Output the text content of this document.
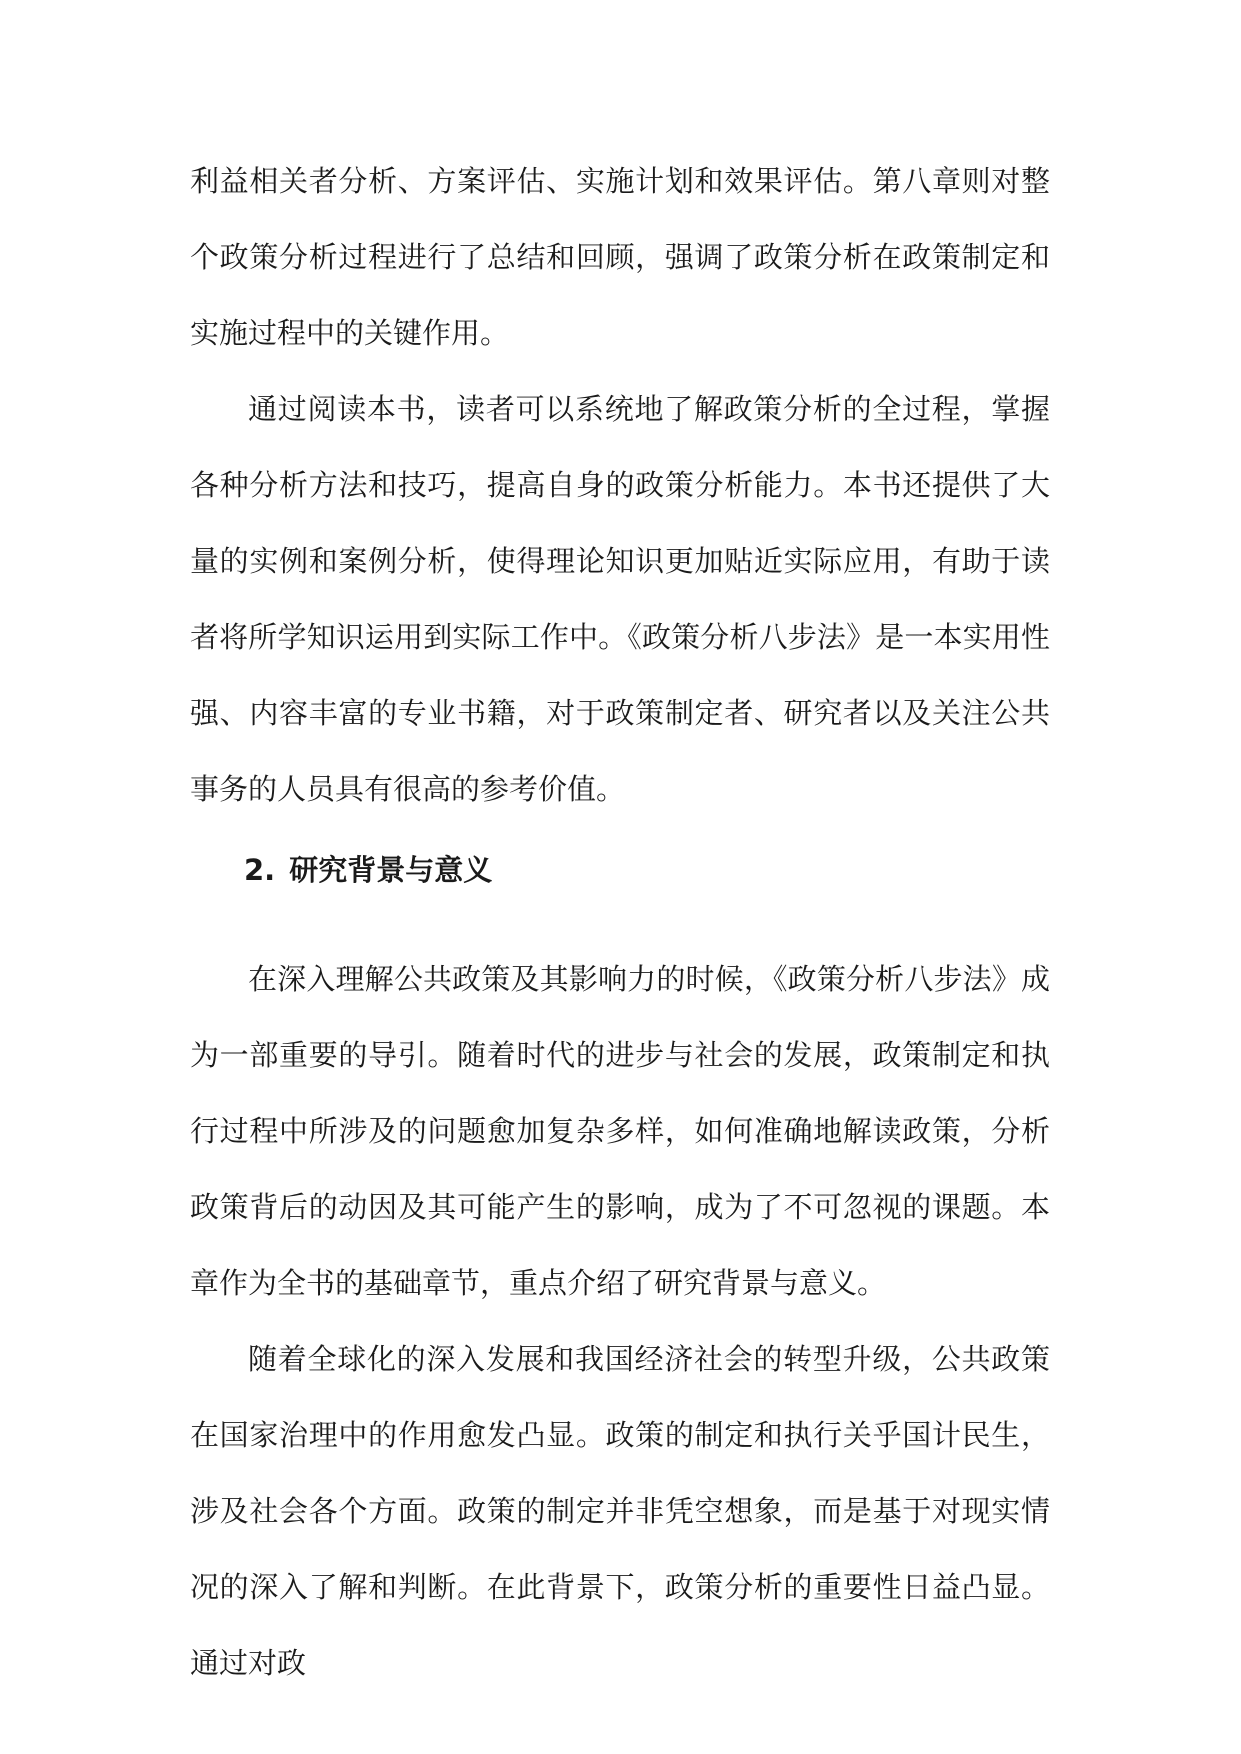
利益相关者分析、方案评估、实施计划和效果评估。第八章则对整个政策分析过程进行了总结和回顾，强调了政策分析在政策制定和实施过程中的关键作用。

通过阅读本书，读者可以系统地了解政策分析的全过程，掌握各种分析方法和技巧，提高自身的政策分析能力。本书还提供了大量的实例和案例分析，使得理论知识更加贴近实际应用，有助于读者将所学知识运用到实际工作中。《政策分析八步法》是一本实用性强、内容丰富的专业书籍，对于政策制定者、研究者以及关注公共事务的人员具有很高的参考价值。

2. 研究背景与意义

在深入理解公共政策及其影响力的时候，《政策分析八步法》成为一部重要的导引。随着时代的进步与社会的发展，政策制定和执行过程中所涉及的问题愈加复杂多样，如何准确地解读政策，分析政策背后的动因及其可能产生的影响，成为了不可忽视的课题。本章作为全书的基础章节，重点介绍了研究背景与意义。

随着全球化的深入发展和我国经济社会的转型升级，公共政策在国家治理中的作用愈发凸显。政策的制定和执行关乎国计民生，涉及社会各个方面。政策的制定并非凭空想象，而是基于对现实情况的深入了解和判断。在此背景下，政策分析的重要性日益凸显。通过对政
